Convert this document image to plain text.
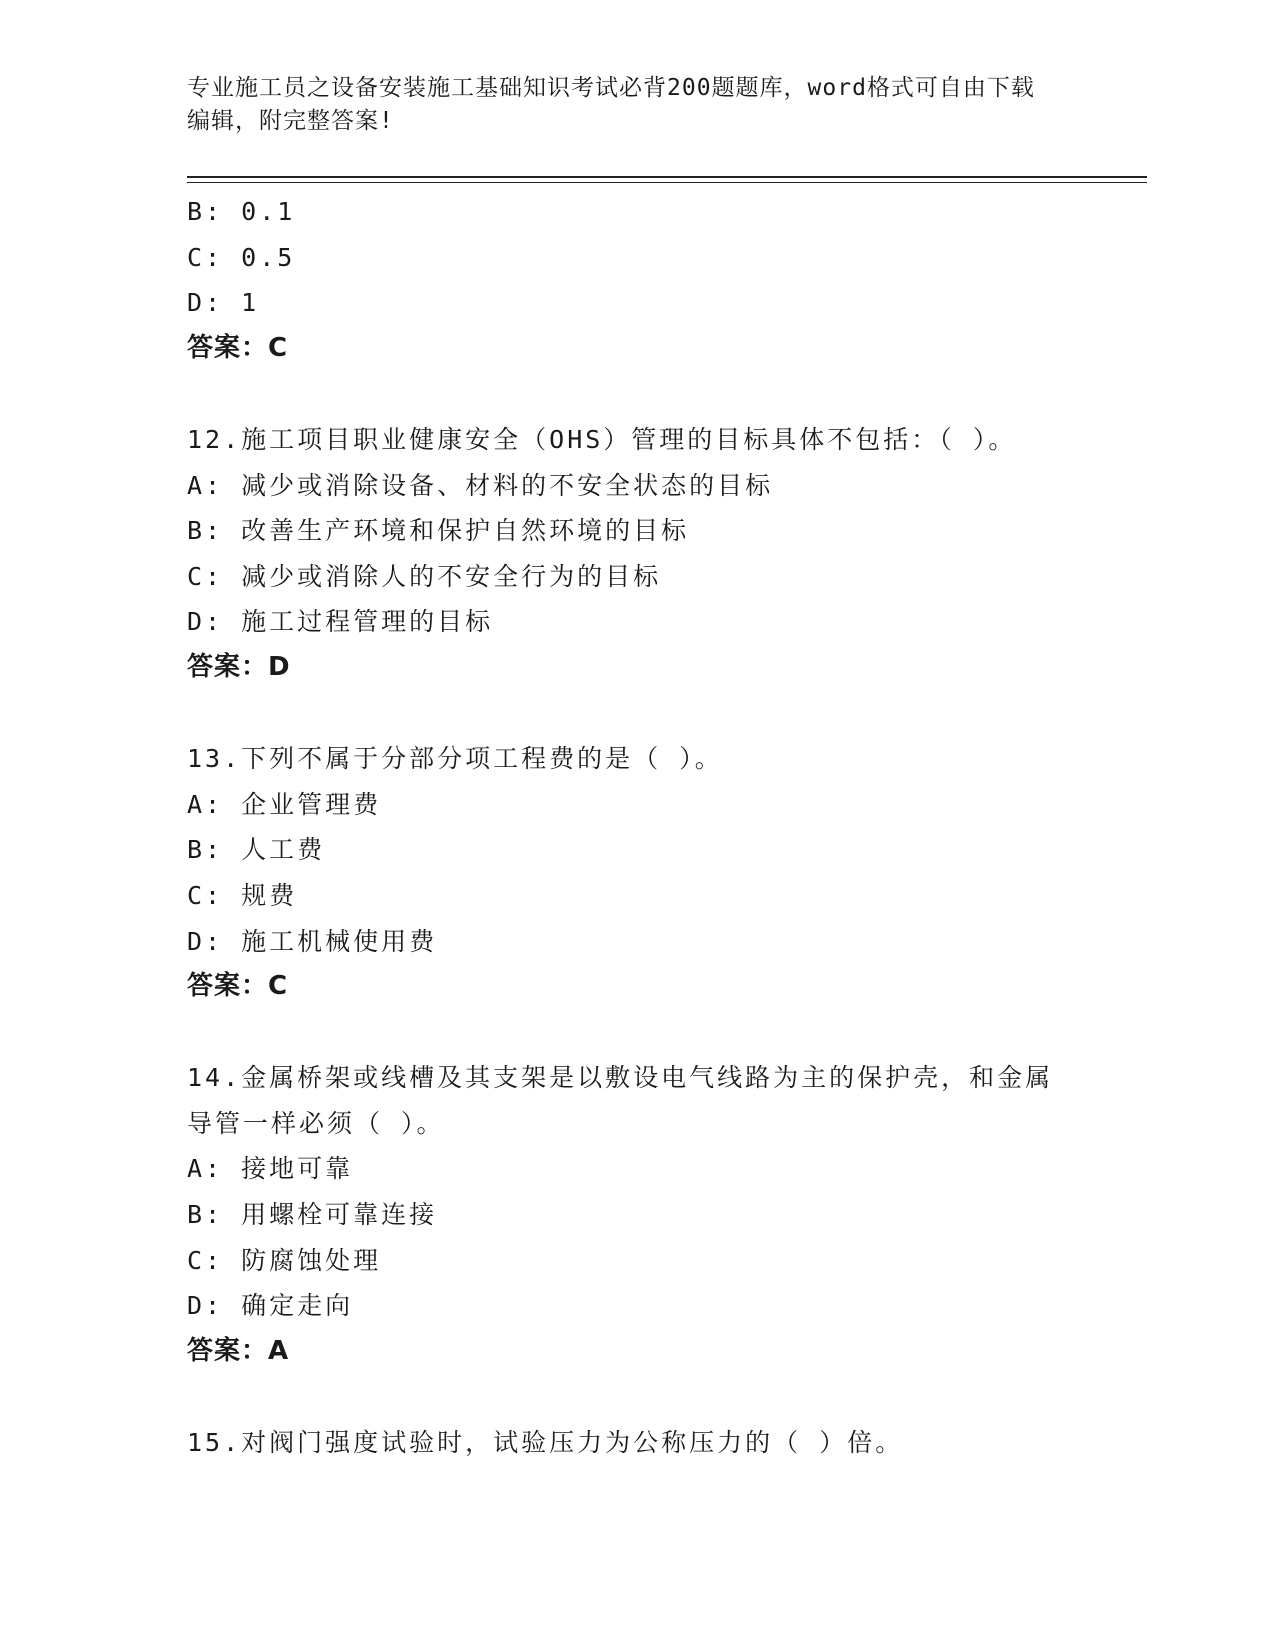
专业施工员之设备安装施工基础知识考试必背200题题库，word格式可自由下载
编辑，附完整答案!
B: 0.1
C: 0.5
D: 1
答案：C
12.施工项目职业健康安全（OHS）管理的目标具体不包括：（ ）。
A: 减少或消除设备、材料的不安全状态的目标
B: 改善生产环境和保护自然环境的目标
C: 减少或消除人的不安全行为的目标
D: 施工过程管理的目标
答案：D
13.下列不属于分部分项工程费的是（ ）。
A: 企业管理费
B: 人工费
C: 规费
D: 施工机械使用费
答案：C
14.金属桥架或线槽及其支架是以敷设电气线路为主的保护壳，和金属
导管一样必须（ ）。
A: 接地可靠
B: 用螺栓可靠连接
C: 防腐蚀处理
D: 确定走向
答案：A
15.对阀门强度试验时，试验压力为公称压力的（ ）倍。
